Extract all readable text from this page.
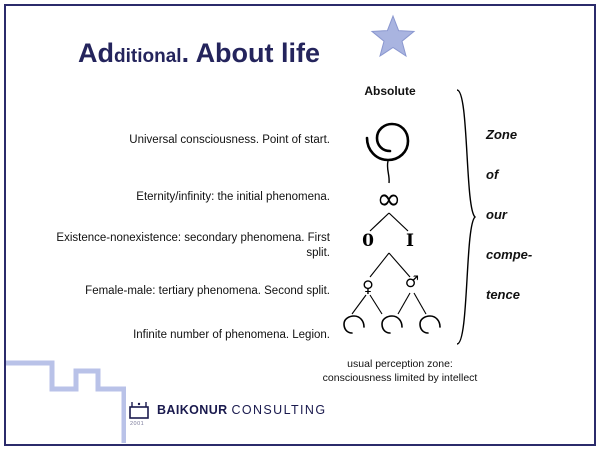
Additional. About life
Universal consciousness. Point of start.
Eternity/infinity: the initial phenomena.
Existence-nonexistence: secondary phenomena. First split.
Female-male: tertiary phenomena. Second split.
Infinite number of phenomena. Legion.
Absolute
∞
0 I
♀ ♂
Zone
of
our
compe-
tence
usual perception zone:
consciousness limited by intellect
BAIKONUR CONSULTING
2001
